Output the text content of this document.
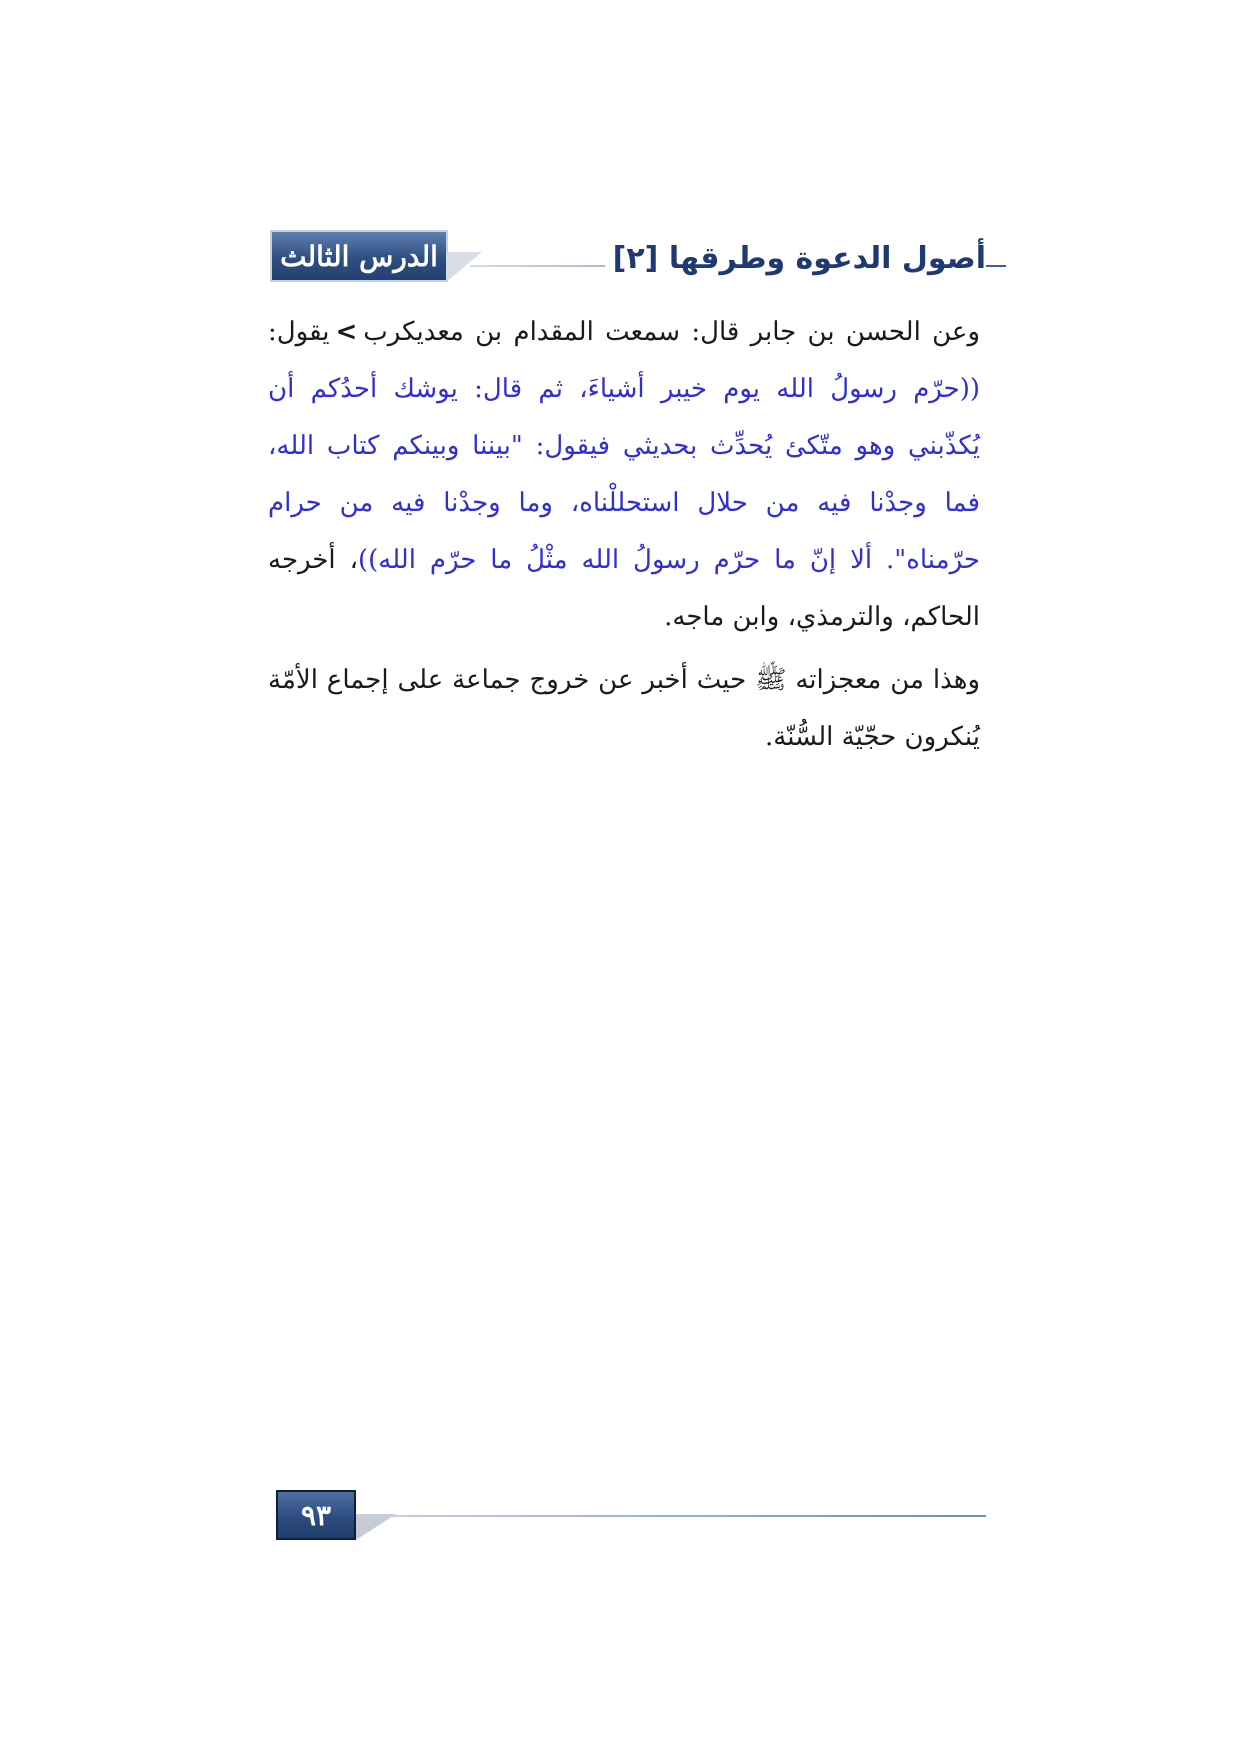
الدرس الثالث	أصول الدعوة وطرقها [٢]

وعن الحسن بن جابر قال: سمعت المقدام بن معديكرب>يقول: ((حرّم رسولُ الله يوم خيبر أشياءَ، ثم قال: يوشك أحدُكم أن يُكذّبني وهو متّكئ يُحدِّث بحديثي فيقول: "بيننا وبينكم كتاب الله، فما وجدْنا فيه من حلال استحللْناه، وما وجدْنا فيه من حرام حرّمناه". ألا إنّ ما حرّم رسولُ الله مثْلُ ما حرّم الله))، أخرجه الحاكم، والترمذي، وابن ماجه.

وهذا من معجزاته ﷺ حيث أخبر عن خروج جماعة على إجماع الأمّة يُنكرون حجّيّة السُّنّة.

٩٣
